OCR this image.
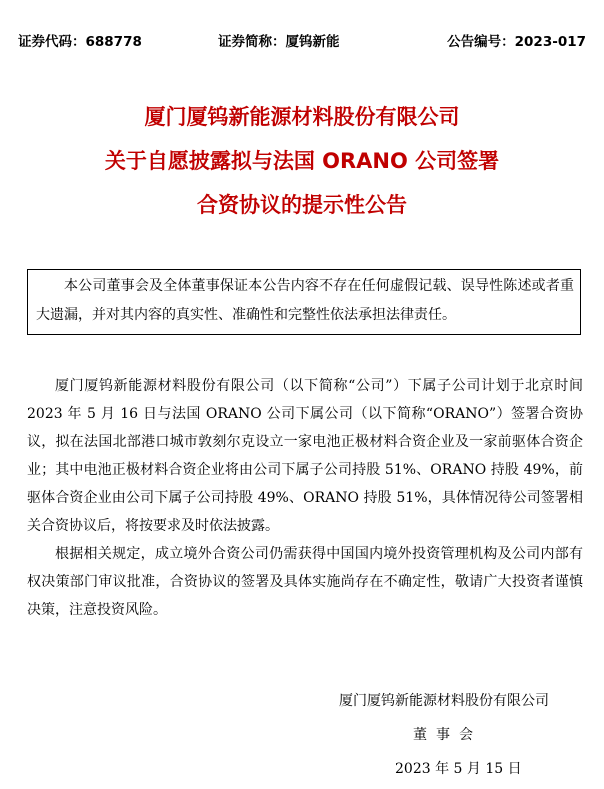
证券代码：688778	证券简称：厦钨新能	公告编号：2023-017
厦门厦钨新能源材料股份有限公司
关于自愿披露拟与法国 ORANO 公司签署
合资协议的提示性公告

本公司董事会及全体董事保证本公告内容不存在任何虚假记载、误导性陈述或者重大遗漏，并对其内容的真实性、准确性和完整性依法承担法律责任。

厦门厦钨新能源材料股份有限公司（以下简称“公司”）下属子公司计划于北京时间 2023 年 5 月 16 日与法国 ORANO 公司下属公司（以下简称“ORANO”）签署合资协议，拟在法国北部港口城市敦刻尔克设立一家电池正极材料合资企业及一家前驱体合资企业；其中电池正极材料合资企业将由公司下属子公司持股 51%、ORANO 持股 49%，前驱体合资企业由公司下属子公司持股 49%、ORANO 持股 51%，具体情况待公司签署相关合资协议后，将按要求及时依法披露。

根据相关规定，成立境外合资公司仍需获得中国国内境外投资管理机构及公司内部有权决策部门审议批准，合资协议的签署及具体实施尚存在不确定性，敬请广大投资者谨慎决策，注意投资风险。

厦门厦钨新能源材料股份有限公司
董事会
2023 年 5 月 15 日
